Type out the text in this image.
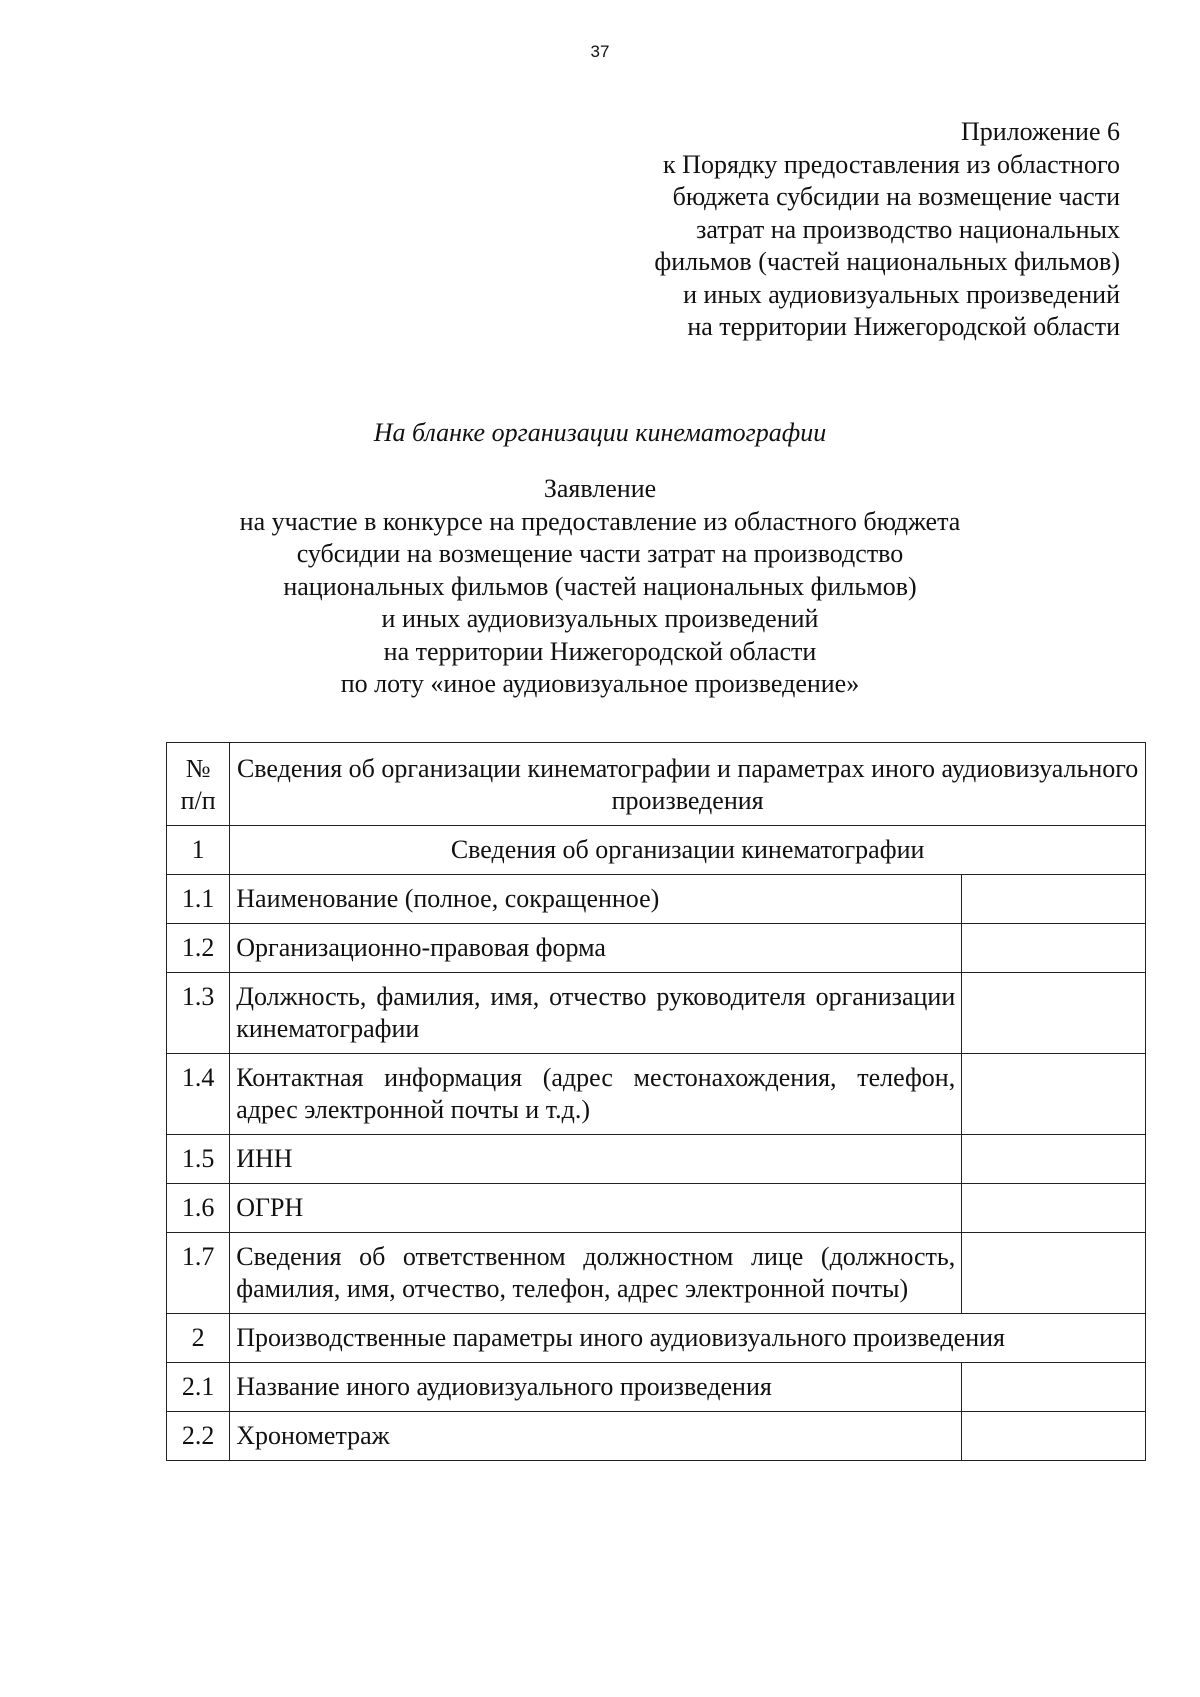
37
Приложение 6
к Порядку предоставления из областного
бюджета субсидии на возмещение части
затрат на производство национальных
фильмов (частей национальных фильмов)
и иных аудиовизуальных произведений
на территории Нижегородской области
На бланке организации кинематографии
Заявление
на участие в конкурсе на предоставление из областного бюджета
субсидии на возмещение части затрат на производство
национальных фильмов (частей национальных фильмов)
и иных аудиовизуальных произведений
на территории Нижегородской области
по лоту «иное аудиовизуальное произведение»
№ п/п	Сведения об организации кинематографии и параметрах иного аудиовизуального произведения	
1	Сведения об организации кинематографии	
1.1	Наименование (полное, сокращенное)	
1.2	Организационно-правовая форма	
1.3	Должность, фамилия, имя, отчество руководителя организации кинематографии	
1.4	Контактная информация (адрес местонахождения, телефон, адрес электронной почты и т.д.)	
1.5	ИНН	
1.6	ОГРН	
1.7	Сведения об ответственном должностном лице (должность, фамилия, имя, отчество, телефон, адрес электронной почты)	
2	Производственные параметры иного аудиовизуального произведения	
2.1	Название иного аудиовизуального произведения	
2.2	Хронометраж	
